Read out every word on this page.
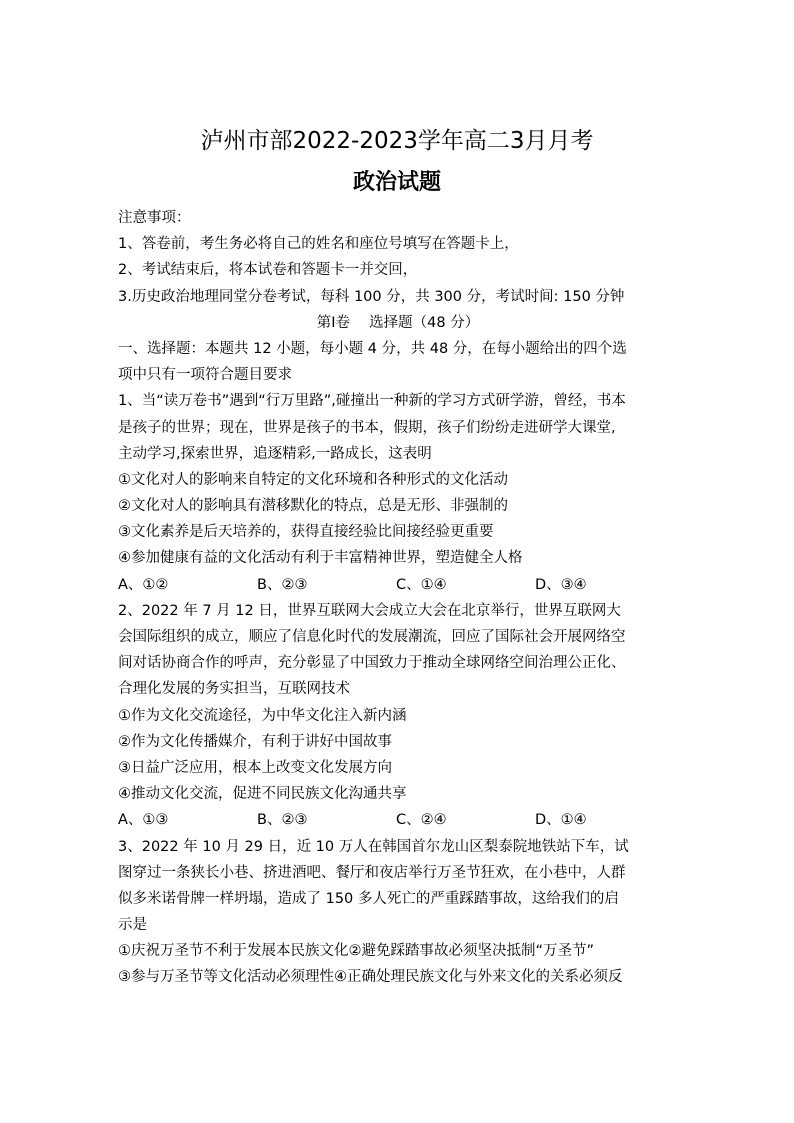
泸州市部2022-2023学年高二3月月考
政治试题
注意事项：
1、答卷前，考生务必将自己的姓名和座位号填写在答题卡上，
2、考试结束后，将本试卷和答题卡一并交回，
3.历史政治地理同堂分卷考试，每科 100 分，共 300 分，考试时间: 150 分钟
第Ⅰ卷　 选择题（48 分）
一、选择题：本题共 12 小题，每小题 4 分，共 48 分，在每小题给出的四个选
项中只有一项符合题目要求
1、当“读万卷书”遇到“行万里路”,碰撞出一种新的学习方式研学游，曾经，书本
是孩子的世界；现在，世界是孩子的书本，假期，孩子们纷纷走进研学大课堂,
主动学习,探索世界，追逐精彩,一路成长，这表明
①文化对人的影响来自特定的文化环境和各种形式的文化活动
②文化对人的影响具有潜移默化的特点，总是无形、非强制的
③文化素养是后天培养的，获得直接经验比间接经验更重要
④参加健康有益的文化活动有利于丰富精神世界，塑造健全人格
A、①②	B、②③	C、①④	D、③④
2、2022 年 7 月 12 日，世界互联网大会成立大会在北京举行，世界互联网大
会国际组织的成立，顺应了信息化时代的发展潮流，回应了国际社会开展网络空
间对话协商合作的呼声，充分彰显了中国致力于推动全球网络空间治理公正化、
合理化发展的务实担当，互联网技术
①作为文化交流途径，为中华文化注入新内涵
②作为文化传播媒介，有利于讲好中国故事
③日益广泛应用，根本上改变文化发展方向
④推动文化交流，促进不同民族文化沟通共享
A、①③	B、②③	C、②④	D、①④
3、2022 年 10 月 29 日，近 10 万人在韩国首尔龙山区梨泰院地铁站下车，试
图穿过一条狭长小巷、挤进酒吧、餐厅和夜店举行万圣节狂欢，在小巷中，人群
似多米诺骨牌一样坍塌，造成了 150 多人死亡的严重踩踏事故，这给我们的启
示是
①庆祝万圣节不利于发展本民族文化②避免踩踏事故必须坚决抵制“万圣节”
③参与万圣节等文化活动必须理性④正确处理民族文化与外来文化的关系必须反
